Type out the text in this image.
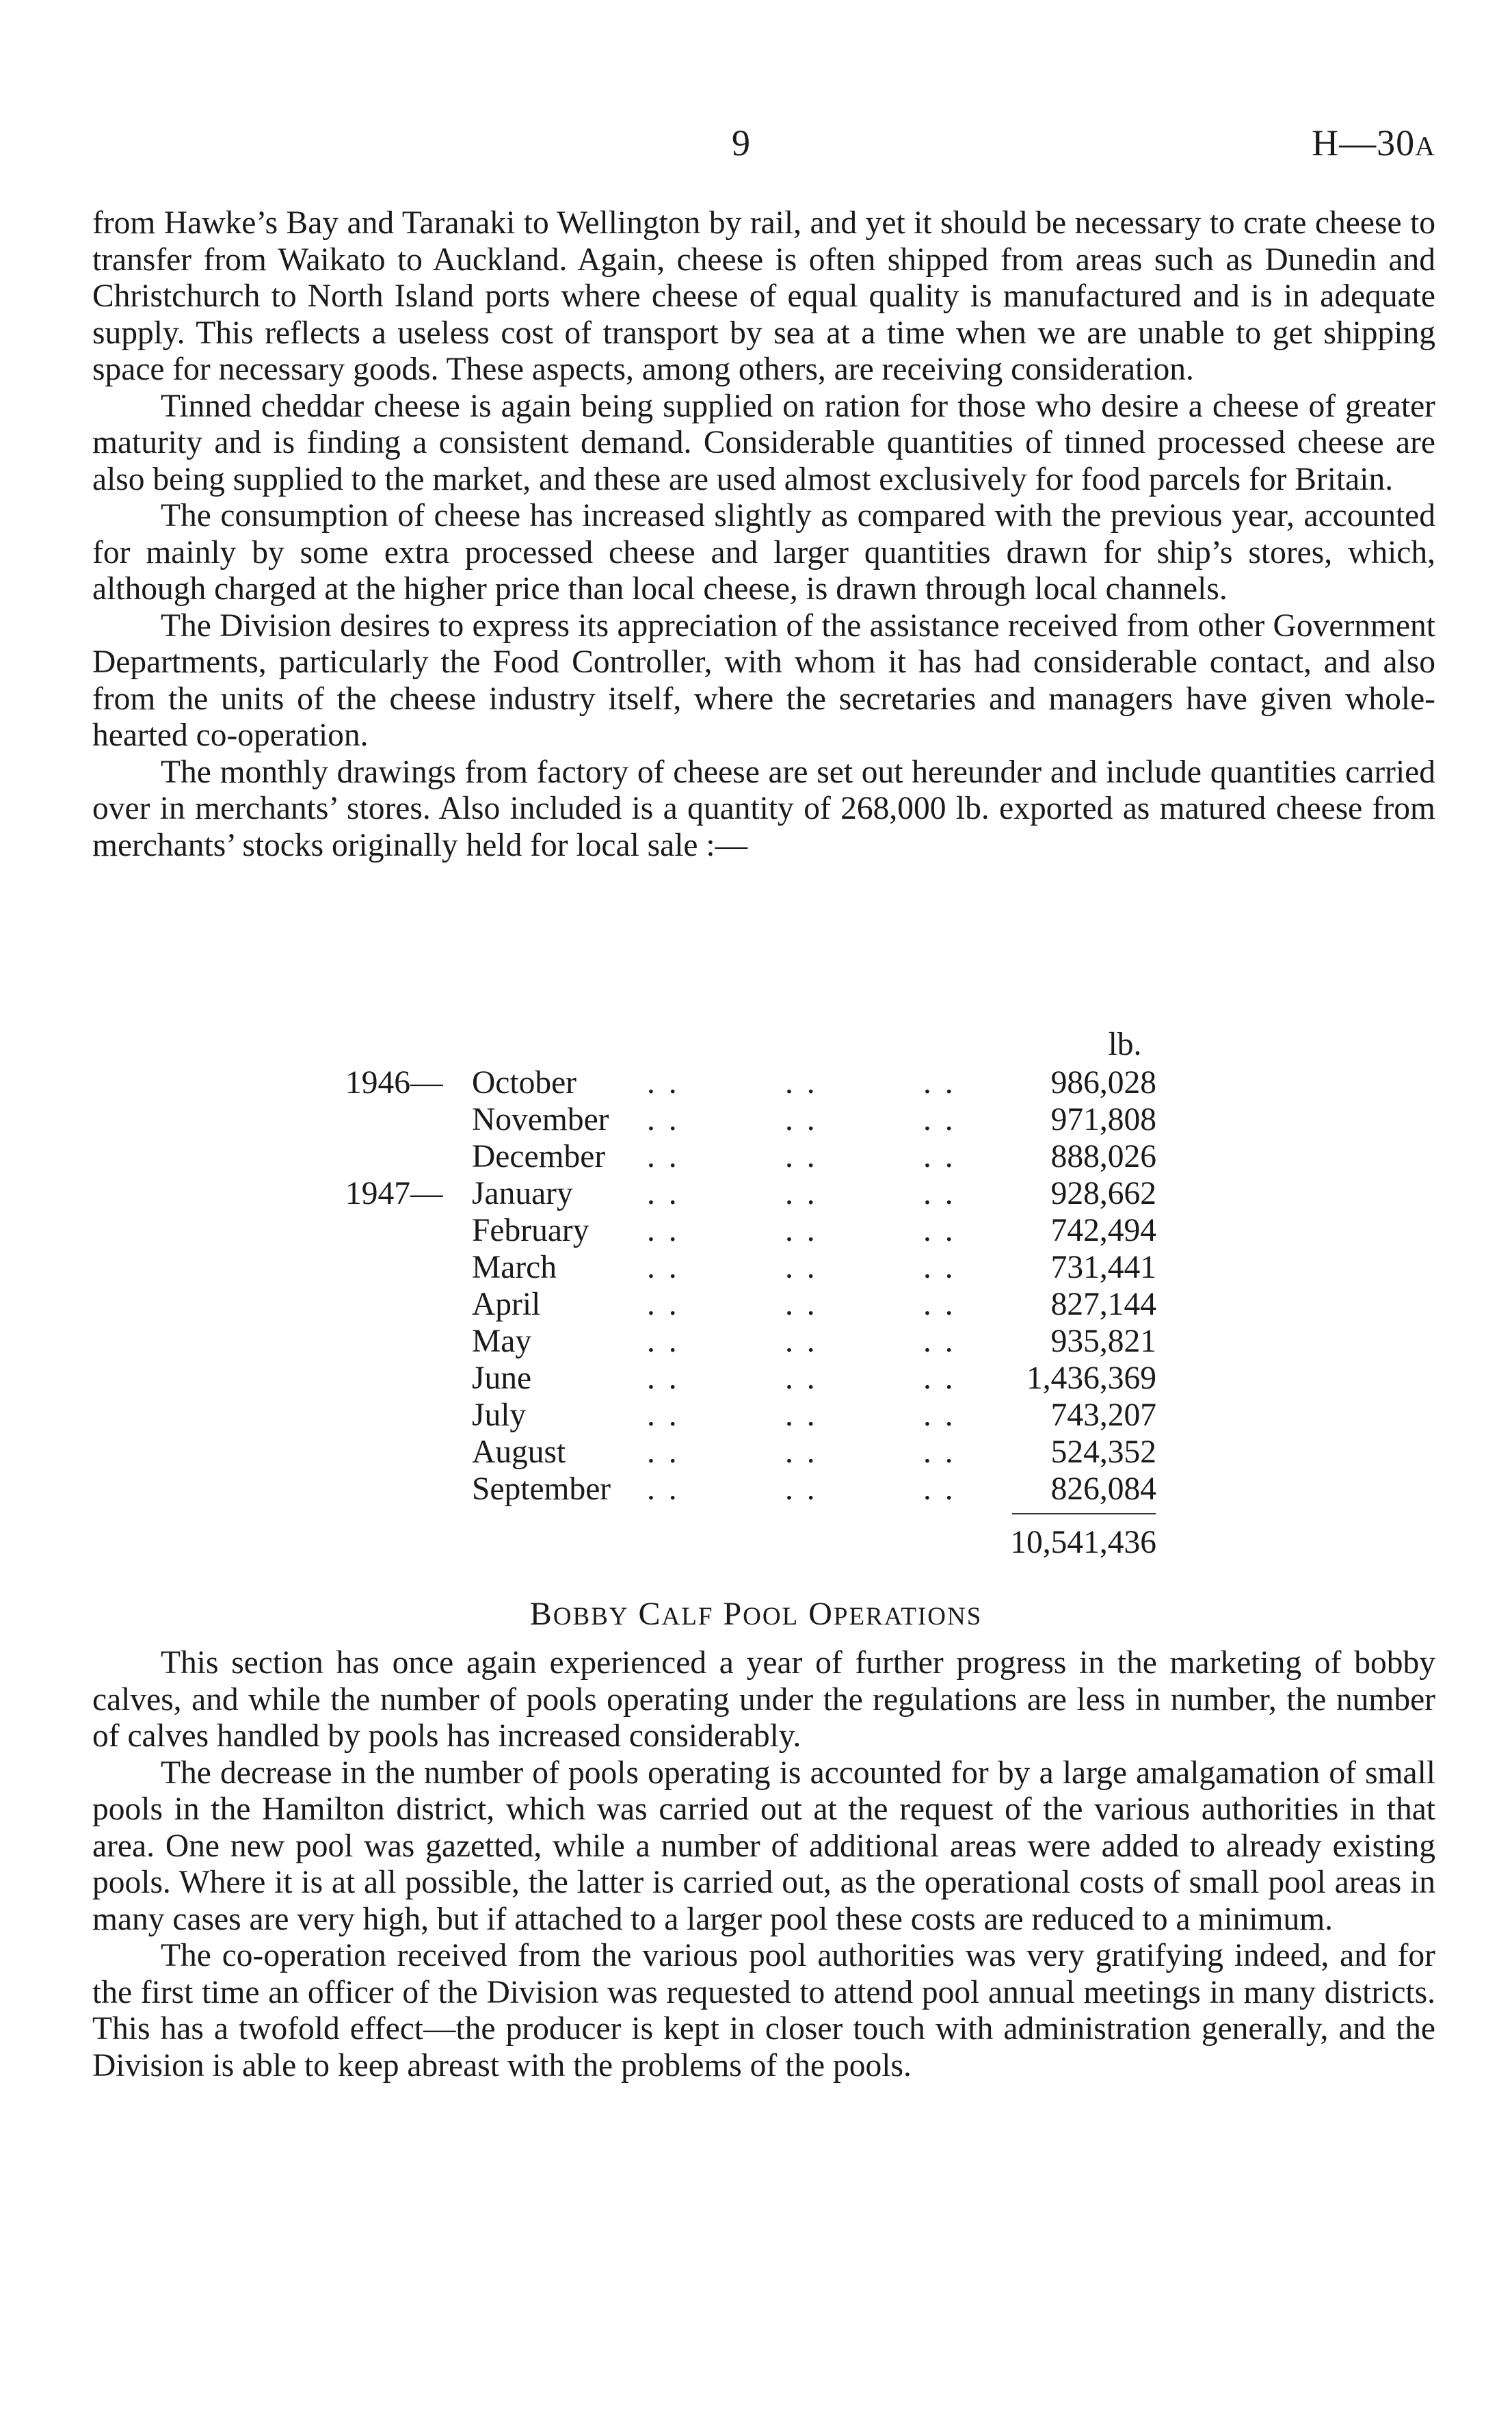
9	H—30A

from Hawke’s Bay and Taranaki to Wellington by rail, and yet it should be necessary to crate cheese to transfer from Waikato to Auckland. Again, cheese is often shipped from areas such as Dunedin and Christchurch to North Island ports where cheese of equal quality is manufactured and is in adequate supply. This reflects a useless cost of transport by sea at a time when we are unable to get shipping space for necessary goods. These aspects, among others, are receiving consideration.

Tinned cheddar cheese is again being supplied on ration for those who desire a cheese of greater maturity and is finding a consistent demand. Considerable quantities of tinned processed cheese are also being supplied to the market, and these are used almost exclusively for food parcels for Britain.

The consumption of cheese has increased slightly as compared with the previous year, accounted for mainly by some extra processed cheese and larger quantities drawn for ship’s stores, which, although charged at the higher price than local cheese, is drawn through local channels.

The Division desires to express its appreciation of the assistance received from other Government Departments, particularly the Food Controller, with whom it has had considerable contact, and also from the units of the cheese industry itself, where the secretaries and managers have given whole-hearted co-operation.

The monthly drawings from factory of cheese are set out hereunder and include quantities carried over in merchants’ stores. Also included is a quantity of 268,000 lb. exported as matured cheese from merchants’ stocks originally held for local sale :—

lb.
1946— October . .	. .	. .	986,028
November . .	. .	. .	971,808
December . .	. .	. .	888,026
1947— January . .	. .	. .	928,662
February . .	. .	. .	742,494
March	. .	. .	. .	731,441
April	. .	. .	. .	827,144
May	. .	. .	. .	935,821
June	. .	. .	. . 1,436,369
July	. .	. .	. .	743,207
August	. .	. .	. .	524,352
September . .	. .	. .	826,084
10,541,436
BOBBY CALF POOL OPERATIONS

This section has once again experienced a year of further progress in the marketing of bobby calves, and while the number of pools operating under the regulations are less in number, the number of calves handled by pools has increased considerably.

The decrease in the number of pools operating is accounted for by a large amalgamation of small pools in the Hamilton district, which was carried out at the request of the various authorities in that area. One new pool was gazetted, while a number of additional areas were added to already existing pools. Where it is at all possible, the latter is carried out, as the operational costs of small pool areas in many cases are very high, but if attached to a larger pool these costs are reduced to a minimum.

The co-operation received from the various pool authorities was very gratifying indeed, and for the first time an officer of the Division was requested to attend pool annual meetings in many districts. This has a twofold effect—the producer is kept in closer touch with administration generally, and the Division is able to keep abreast with the problems of the pools.
